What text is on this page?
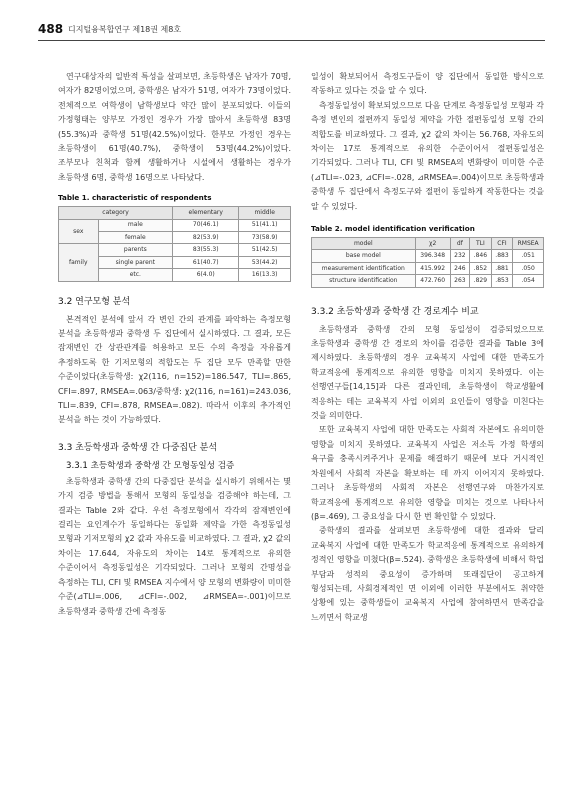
488 디지털융복합연구 제18권 제8호

연구대상자의 일반적 특성을 살펴보면, 초등학생은 남자가 70명, 여자가 82명이었으며, 중학생은 남자가 51명, 여자가 73명이었다. 전체적으로 여학생이 남학생보다 약간 많이 분포되었다. 이들의 가정형태는 양부모 가정인 경우가 가장 많아서 초등학생 83명(55.3%)과 중학생 51명(42.5%)이었다. 한부모 가정인 경우는 초등학생이 61명(40.7%), 중학생이 53명(44.2%)이었다. 조부모나 친척과 함께 생활하거나 시설에서 생활하는 경우가 초등학생 6명, 중학생 16명으로 나타났다.

Table 1. characteristic of respondents
category		elementary	middle
sex	male	70(46.1)	51(41.1)
	female	82(53.9)	73(58.9)
family	parents	83(55.3)	51(42.5)
	single parent	61(40.7)	53(44.2)
	etc.	6(4.0)	16(13.3)
3.2 연구모형 분석

본격적인 분석에 앞서 각 변인 간의 관계를 파악하는 측정모형 분석을 초등학생과 중학생 두 집단에서 실시하였다. 그 결과, 모든 잠재변인 간 상관관계를 허용하고 모든 수의 측정을 자유롭게 추정하도록 한 기저모형의 적합도는 두 집단 모두 만족할 만한 수준이었다(초등학생: χ2(116, n=152)=186.547, TLI=.865, CFI=.897, RMSEA=.063/중학생: χ2(116, n=161)=243.036, TLI=.839, CFI=.878, RMSEA=.082). 따라서 이후의 추가적인 분석을 하는 것이 가능하였다.

3.3 초등학생과 중학생 간 다중집단 분석
3.3.1 초등학생과 중학생 간 모형동일성 검증

초등학생과 중학생 간의 다중집단 분석을 실시하기 위해서는 몇 가지 검증 방법을 통해서 모형의 동일성을 검증해야 하는데, 그 결과는 Table 2와 같다. 우선 측정모형에서 각각의 잠재변인에 걸리는 요인계수가 동일하다는 동일화 제약을 가한 측정동일성 모형과 기저모형의 χ2 값과 자유도를 비교하였다. 그 결과, χ2 값의 차이는 17.644, 자유도의 차이는 14로 통계적으로 유의한 수준이어서 측정동일성은 기각되었다. 그러나 모형의 간명성을 측정하는 TLI, CFI 및 RMSEA 지수에서 양 모형의 변화량이 미미한 수준(⊿TLI=.006, ⊿CFI=-.002, ⊿RMSEA=-.001)이므로 초등학생과 중학생 간에 측정동

일성이 확보되어서 측정도구들이 양 집단에서 동일한 방식으로 작동하고 있다는 것을 알 수 있다.

측정동일성이 확보되었으므로 다음 단계로 측정동일성 모형과 각 측정 변인의 절편까지 동일성 제약을 가한 절편동일성 모형 간의 적합도를 비교하였다. 그 결과, χ2 값의 차이는 56.768, 자유도의 차이는 17로 통계적으로 유의한 수준이어서 절편동일성은 기각되었다. 그러나 TLI, CFI 및 RMSEA의 변화량이 미미한 수준(⊿TLI=-.023, ⊿CFI=-.028, ⊿RMSEA=.004)이므로 초등학생과 중학생 두 집단에서 측정도구와 절편이 동일하게 작동한다는 것을 알 수 있었다.

Table 2. model identification verification
model	χ2	df	TLI	CFI	RMSEA
base model	396.348	232	.846	.883	.051
measurement identification	415.992	246	.852	.881	.050
structure identification	472.760	263	.829	.853	.054
3.3.2 초등학생과 중학생 간 경로계수 비교

초등학생과 중학생 간의 모형 동일성이 검증되었으므로 초등학생과 중학생 간 경로의 차이를 검증한 결과를 Table 3에 제시하였다. 초등학생의 경우 교육복지 사업에 대한 만족도가 학교적응에 통계적으로 유의한 영향을 미치지 못하였다. 이는 선행연구들[14,15]과 다른 결과인데, 초등학생이 학교생활에 적응하는 데는 교육복지 사업 이외의 요인들이 영향을 미친다는 것을 의미한다.

또한 교육복지 사업에 대한 만족도는 사회적 자본에도 유의미한 영향을 미치지 못하였다. 교육복지 사업은 저소득 가정 학생의 욕구를 충족시켜주거나 문제를 해결하기 때문에 보다 거시적인 차원에서 사회적 자본을 확보하는 데 까지 이어지지 못하였다. 그러나 초등학생의 사회적 자본은 선행연구와 마찬가지로 학교적응에 통계적으로 유의한 영향을 미치는 것으로 나타나서(β=.469), 그 중요성을 다시 한 번 확인할 수 있었다.

중학생의 결과를 살펴보면 초등학생에 대한 결과와 달리 교육복지 사업에 대한 만족도가 학교적응에 통계적으로 유의하게 정적인 영향을 미쳤다(β=.524). 중학생은 초등학생에 비해서 학업 부담과 성적의 중요성이 증가하며 또래집단이 공고하게 형성되는데, 사회경제적인 면 이외에 이러한 부분에서도 취약한 상황에 있는 중학생들이 교육복지 사업에 참여하면서 만족감을 느끼면서 학교생
